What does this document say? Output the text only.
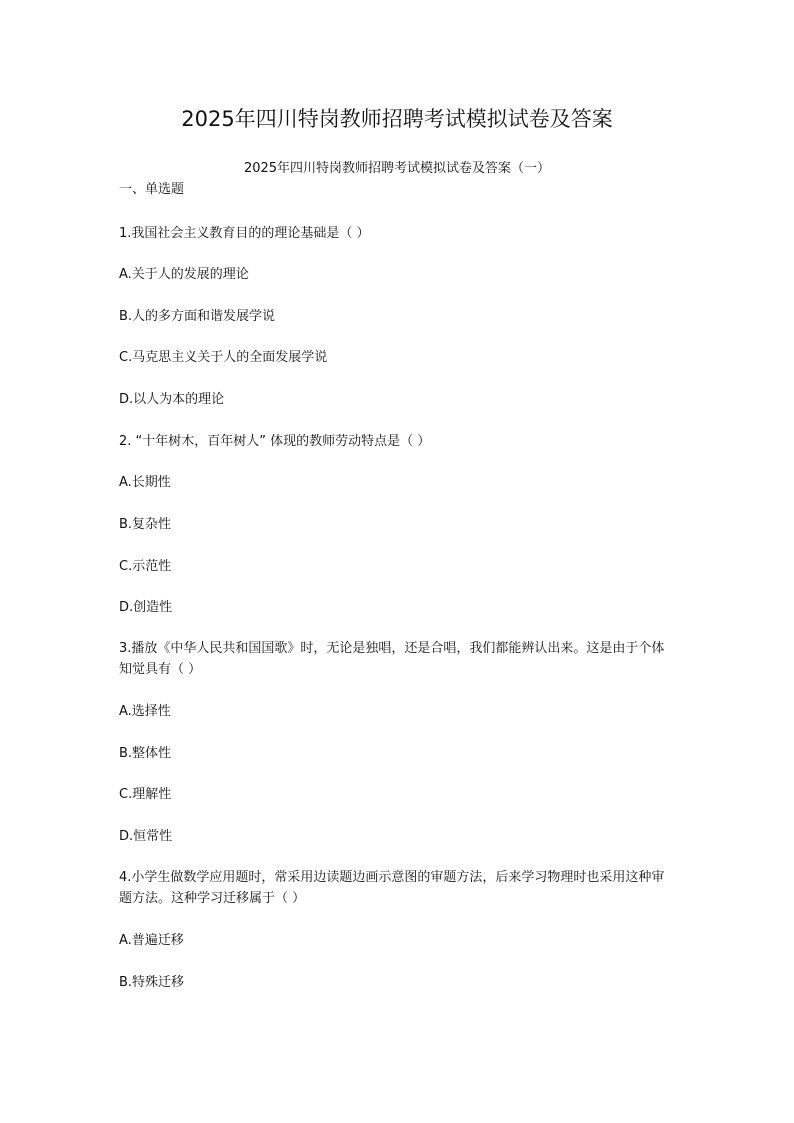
2025年四川特岗教师招聘考试模拟试卷及答案
2025年四川特岗教师招聘考试模拟试卷及答案（一）
一、单选题
1.我国社会主义教育目的的理论基础是（ ）
A.关于人的发展的理论
B.人的多方面和谐发展学说
C.马克思主义关于人的全面发展学说
D.以人为本的理论
2. “十年树木，百年树人” 体现的教师劳动特点是（ ）
A.长期性
B.复杂性
C.示范性
D.创造性
3.播放《中华人民共和国国歌》时，无论是独唱，还是合唱，我们都能辨认出来。这是由于个体知觉具有（ ）
A.选择性
B.整体性
C.理解性
D.恒常性
4.小学生做数学应用题时，常采用边读题边画示意图的审题方法，后来学习物理时也采用这种审题方法。这种学习迁移属于（ ）
A.普遍迁移
B.特殊迁移
